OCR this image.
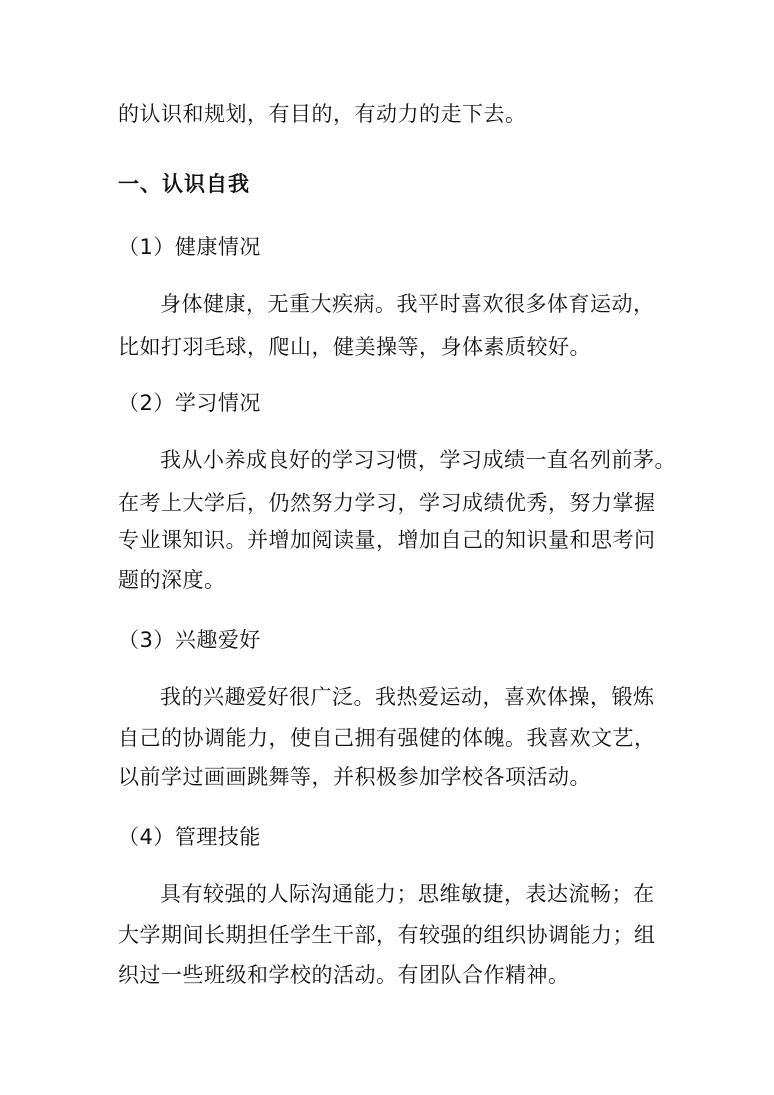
的认识和规划，有目的，有动力的走下去。
一、认识自我
（1）健康情况
身体健康，无重大疾病。我平时喜欢很多体育运动，
比如打羽毛球，爬山，健美操等，身体素质较好。
（2）学习情况
我从小养成良好的学习习惯，学习成绩一直名列前茅。
在考上大学后，仍然努力学习，学习成绩优秀，努力掌握
专业课知识。并增加阅读量，增加自己的知识量和思考问
题的深度。
（3）兴趣爱好
我的兴趣爱好很广泛。我热爱运动，喜欢体操，锻炼
自己的协调能力，使自己拥有强健的体魄。我喜欢文艺，
以前学过画画跳舞等，并积极参加学校各项活动。
（4）管理技能
具有较强的人际沟通能力；思维敏捷，表达流畅；在
大学期间长期担任学生干部，有较强的组织协调能力；组
织过一些班级和学校的活动。有团队合作精神。
